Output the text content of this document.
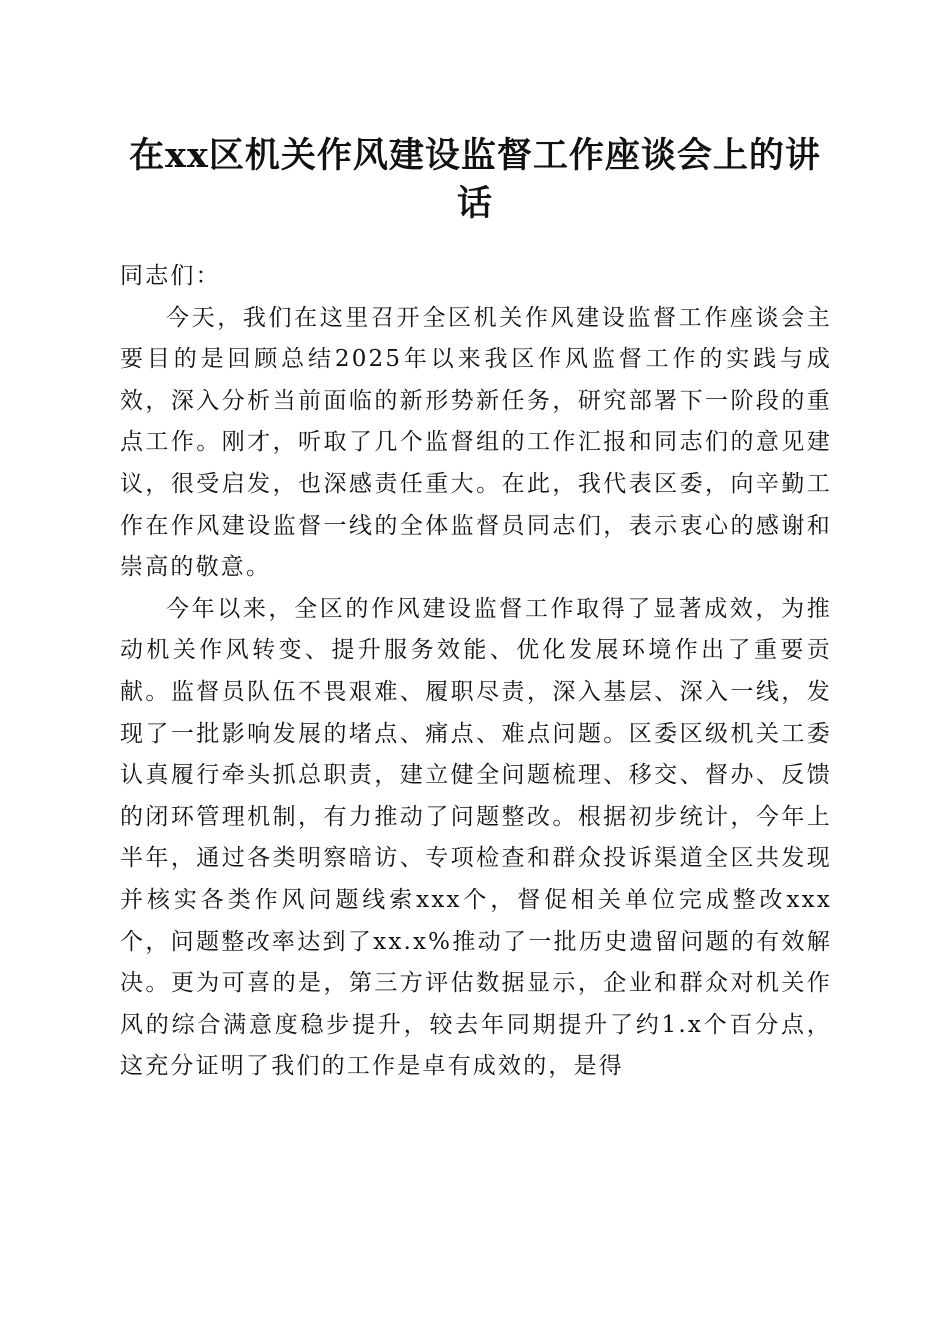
在xx区机关作风建设监督工作座谈会上的讲
话

同志们：

今天，我们在这里召开全区机关作风建设监督工作座谈会主要目的是回顾总结2025年以来我区作风监督工作的实践与成效，深入分析当前面临的新形势新任务，研究部署下一阶段的重点工作。刚才，听取了几个监督组的工作汇报和同志们的意见建议，很受启发，也深感责任重大。在此，我代表区委，向辛勤工作在作风建设监督一线的全体监督员同志们，表示衷心的感谢和崇高的敬意。

今年以来，全区的作风建设监督工作取得了显著成效，为推动机关作风转变、提升服务效能、优化发展环境作出了重要贡献。监督员队伍不畏艰难、履职尽责，深入基层、深入一线，发现了一批影响发展的堵点、痛点、难点问题。区委区级机关工委认真履行牵头抓总职责，建立健全问题梳理、移交、督办、反馈的闭环管理机制，有力推动了问题整改。根据初步统计，今年上半年，通过各类明察暗访、专项检查和群众投诉渠道全区共发现并核实各类作风问题线索xxx个，督促相关单位完成整改xxx个，问题整改率达到了xx.x%推动了一批历史遗留问题的有效解决。更为可喜的是，第三方评估数据显示，企业和群众对机关作风的综合满意度稳步提升，较去年同期提升了约1.x个百分点，这充分证明了我们的工作是卓有成效的，是得
